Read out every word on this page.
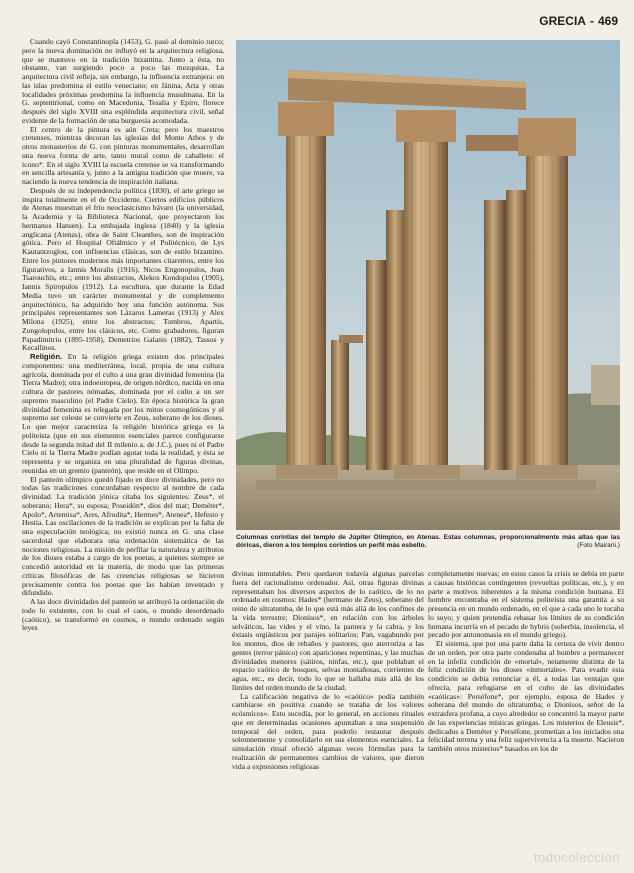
GRECIA - 469

Cuando cayó Constantinopla (1453), G. pasó al dominio turco; pero la nueva dominación no influyó en la arquitectura religiosa, que se mantuvo en la tradición bizantina. Junto a ésta, no obstante, van surgiendo poco a poco las mezquitas. La arquitectura civil refleja, sin embargo, la influencia extranjera: en las islas predomina el estilo veneciano; en Jánina, Arta y otras localidades próximas predomina la influencia musulmana. En la G. septentrional, como en Macedonia, Tesalia y Epiro, florece después del siglo XVIII una espléndida arquitectura civil, señal evidente de la formación de una burguesía acomodada.

El centro de la pintura es aún Creta; pero los maestros cretenses, mientras decoran las iglesias del Monte Athos y de otros monasterios de G. con pinturas monumentales, desarrollan una nueva forma de arte, tanto mural como de caballete: el icono*. En el siglo XVIII la escuela cretense se va transformando en sencilla artesanía y, junto a la antigua tradición que muere, va naciendo la nueva tendencia de inspiración italiana.

Después de su independencia política (1830), el arte griego se inspira totalmente en el de Occidente. Ciertos edificios públicos de Atenas muestran el frío neoclasicismo bávaro (la universidad, la Academia y la Biblioteca Nacional, que proyectaron los hermanos Hansen). La embajada inglesa (1840) y la iglesia anglicana (Atenas), obra de Saint Cleanthes, son de inspiración gótica. Pero el Hospital Oftálmico y el Politécnico, de Lys Kautantzoglou, con influencias clásicas, son de estilo bizantino. Entre los pintores modernos más importantes citaremos, entre los figurativos, a Iannis Moralis (1916), Nicos Engonopulos, Jean Tsarouchis, etc.; entre los abstractos, Alekos Kondopulos (1905), Iannis Spiropulos (1912). La escultura, que durante la Edad Media tuvo un carácter monumental y de complemento arquitectónico, ha adquirido hoy una función autónoma. Sus principales representantes son Lázaros Lameras (1913) y Alex Milona (1925), entre los abstractos; Tombros, Apartis, Zongolopulos, entre los clásicos, etc. Como grabadores, figuran Papadimitriu (1895-1958), Demetrios Galanis (1882), Tassos y Kecallinos.

Religión. En la religión griega existen dos principales componentes: una mediterránea, local, propia de una cultura agrícola, dominada por el culto a una gran divinidad femenina (la Tierra Madre); otra indoeuropea, de origen nórdico, nacida en una cultura de pastores nómadas, dominada por el culto a un ser supremo masculino (el Padre Cielo). En época histórica la gran divinidad femenina es relegada por los mitos cosmogónicos y el supremo ser celeste se convierte en Zeus, soberano de los dioses. Lo que mejor caracteriza la religión histórica griega es la politeísta (que en sus elementos esenciales parece configurarse desde la segunda mitad del II milenio a. de J.C.), pues ni el Padre Cielo ni la Tierra Madre podían agotar toda la realidad, y ésta se representa y se organiza en una pluralidad de figuras divinas, reunidas en un gremio (panteón), que reside en el Olimpo.

El panteón olímpico quedó fijado en doce divinidades, pero no todas las tradiciones concordaban respecto al nombre de cada divinidad. La tradición jónica citaba los siguientes: Zeus*, el soberano; Hera*, su esposa; Poseidón*, dios del mar; Deméter*, Apolo*, Artemisa*, Ares, Afrodita*, Hermes*, Atenea*, Hefesto y Hestia. Las oscilaciones de la tradición se explican por la falta de una especulación teológica; no existió nunca en G. una clase sacerdotal que elaborara una ordenación sistemática de las nociones religiosas. La misión de perfilar la naturaleza y atributos de los dioses estaba a cargo de los poetas, a quienes siempre se concedió autoridad en la materia, de modo que las primeras críticas filosóficas de las creencias religiosas se hicieron precisamente contra los poetas que las habían inventado y difundido.

A las doce divinidades del panteón se atribuyó la ordenación de todo lo existente, con lo cual el caos, o mundo desordenado (caótico), se transformó en cosmos, o mundo ordenado según leyes

Columnas corintias del templo de Júpiter Olímpico, en Atenas. Estas columnas, proporcionalmente más altas que las dóricas, dieron a los templos corintios un perfil más esbelto.	(Foto Mairani.)

divinas inmutables. Pero quedaron todavía algunas parcelas fuera del racionalismo ordenador. Así, otras figuras divinas representaban los diversos aspectos de lo caótico, de lo no ordenado en cosmos: Hades* (hermano de Zeus), soberano del reino de ultratumba, de lo que está más allá de los confines de la vida terrestre; Dionisos*, en relación con los árboles selváticos, las vides y el vino, la pantera y la cabra, y los éxtasis orgiásticos por parajes solitarios; Pan, vagabundo por los montes, dios de rebaños y pastores, que aterroriza a las gentes (terror pánico) con apariciones repentinas, y las muchas divinidades menores (sátiros, ninfas, etc.), que poblaban el espacio caótico de bosques, selvas montañosas, corrientes de agua, etc., es decir, todo lo que se hallaba más allá de los límites del orden mundo de la ciudad.

La calificación negativa de lo «caótico» podía también cambiarse en positiva cuando se trataba de los valores ecósmicos». Esto sucedía, por lo general, en acciones rituales que en determinadas ocasiones apuntaban a una suspensión temporal del orden, para poderlo restaurar después solemnemente y consolidarlo en sus elementos esenciales. La simulación ritual ofreció algunas veces fórmulas para la realización de permanentes cambios de valores, que dieron vida a expresiones religiosas

completamente nuevas; en estos casos la crisis se debía en parte a causas históricas contingentes (revueltas políticas, etc.), y en parte a motivos inherentes a la misma condición humana. El hombre encontraba en el sistema politeísta una garantía a su presencia en un mundo ordenado, en el que a cada uno le tocaba lo suyo; y quien pretendía rebasar los límites de su condición humana incurría en el pecado de hybris (soberbia, insolencia, el pecado por antonomasia en el mundo griego).

El sistema, que por una parte daba la certeza de vivir dentro de un orden, por otra parte condenaba al hombre a permanecer en la infeliz condición de «mortal», netamente distinta de la feliz condición de los dioses «inmortales». Para evadir esta condición se debía renunciar a él, a todas las ventajas que ofrecía, para refugiarse en el culto de las divinidades «caóticas»: Perséfone*, por ejemplo, esposa de Hades y soberana del mundo de ultratumba; o Dionisos, señor de la extrasfera profana, a cuyo alrededor se concentró la mayor parte de las experiencias místicas griegas. Los misterios de Eleusis*, dedicados a Deméter y Perséfone, prometían a los iniciados una felicidad terrena y una feliz supervivencia a la muerte. Nacieron también otros misterios* basados en los de

todocoleccion
